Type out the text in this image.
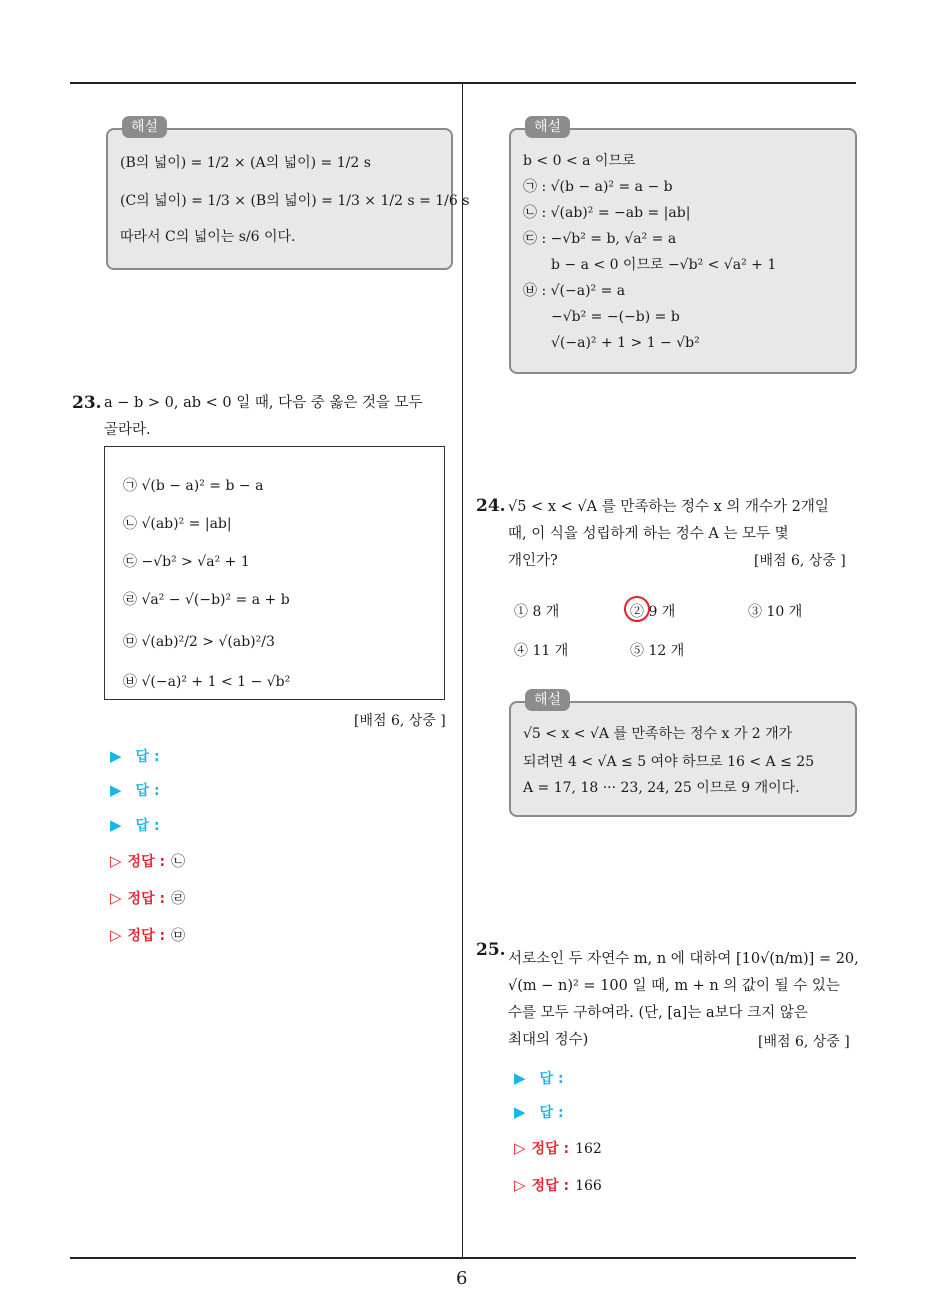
해설
(B의 넓이) = 1/2 × (A의 넓이) = 1/2 s
(C의 넓이) = 1/3 × (B의 넓이) = 1/3 × 1/2 s = 1/6 s
따라서 C의 넓이는 s/6 이다.
23. a − b > 0, ab < 0 일 때, 다음 중 옳은 것을 모두
골라라.
㉠ √(b − a)² = b − a
㉡ √(ab)² = |ab|
㉢ −√b² > √a² + 1
㉣ √a² − √(−b)² = a + b
㉤ √(ab)²/2 > √(ab)²/3
㉥ √(−a)² + 1 < 1 − √b²
[배점 6, 상중 ]
▶ 답 :
▶ 답 :
▶ 답 :
▷ 정답 : ㉡
▷ 정답 : ㉣
▷ 정답 : ㉤
해설
b < 0 < a 이므로
㉠ : √(b − a)² = a − b
㉡ : √(ab)² = −ab = |ab|
㉢ : −√b² = b, √a² = a
b − a < 0 이므로 −√b² < √a² + 1
㉥ : √(−a)² = a
−√b² = −(−b) = b
√(−a)² + 1 > 1 − √b²
24. √5 < x < √A 를 만족하는 정수 x 의 개수가 2개일
때, 이 식을 성립하게 하는 정수 A 는 모두 몇
개인가?	[배점 6, 상중 ]
① 8 개	② 9 개	③ 10 개
④ 11 개	⑤ 12 개
해설
√5 < x < √A 를 만족하는 정수 x 가 2 개가
되려면 4 < √A ≤ 5 여야 하므로 16 < A ≤ 25
A = 17, 18 ··· 23, 24, 25 이므로 9 개이다.
25. 서로소인 두 자연수 m, n 에 대하여 [10√(n/m)] = 20,
√(m − n)² = 100 일 때, m + n 의 값이 될 수 있는
수를 모두 구하여라. (단, [a]는 a보다 크지 않은
최대의 정수)	[배점 6, 상중 ]
▶ 답 :
▶ 답 :
▷ 정답 : 162
▷ 정답 : 166
6
